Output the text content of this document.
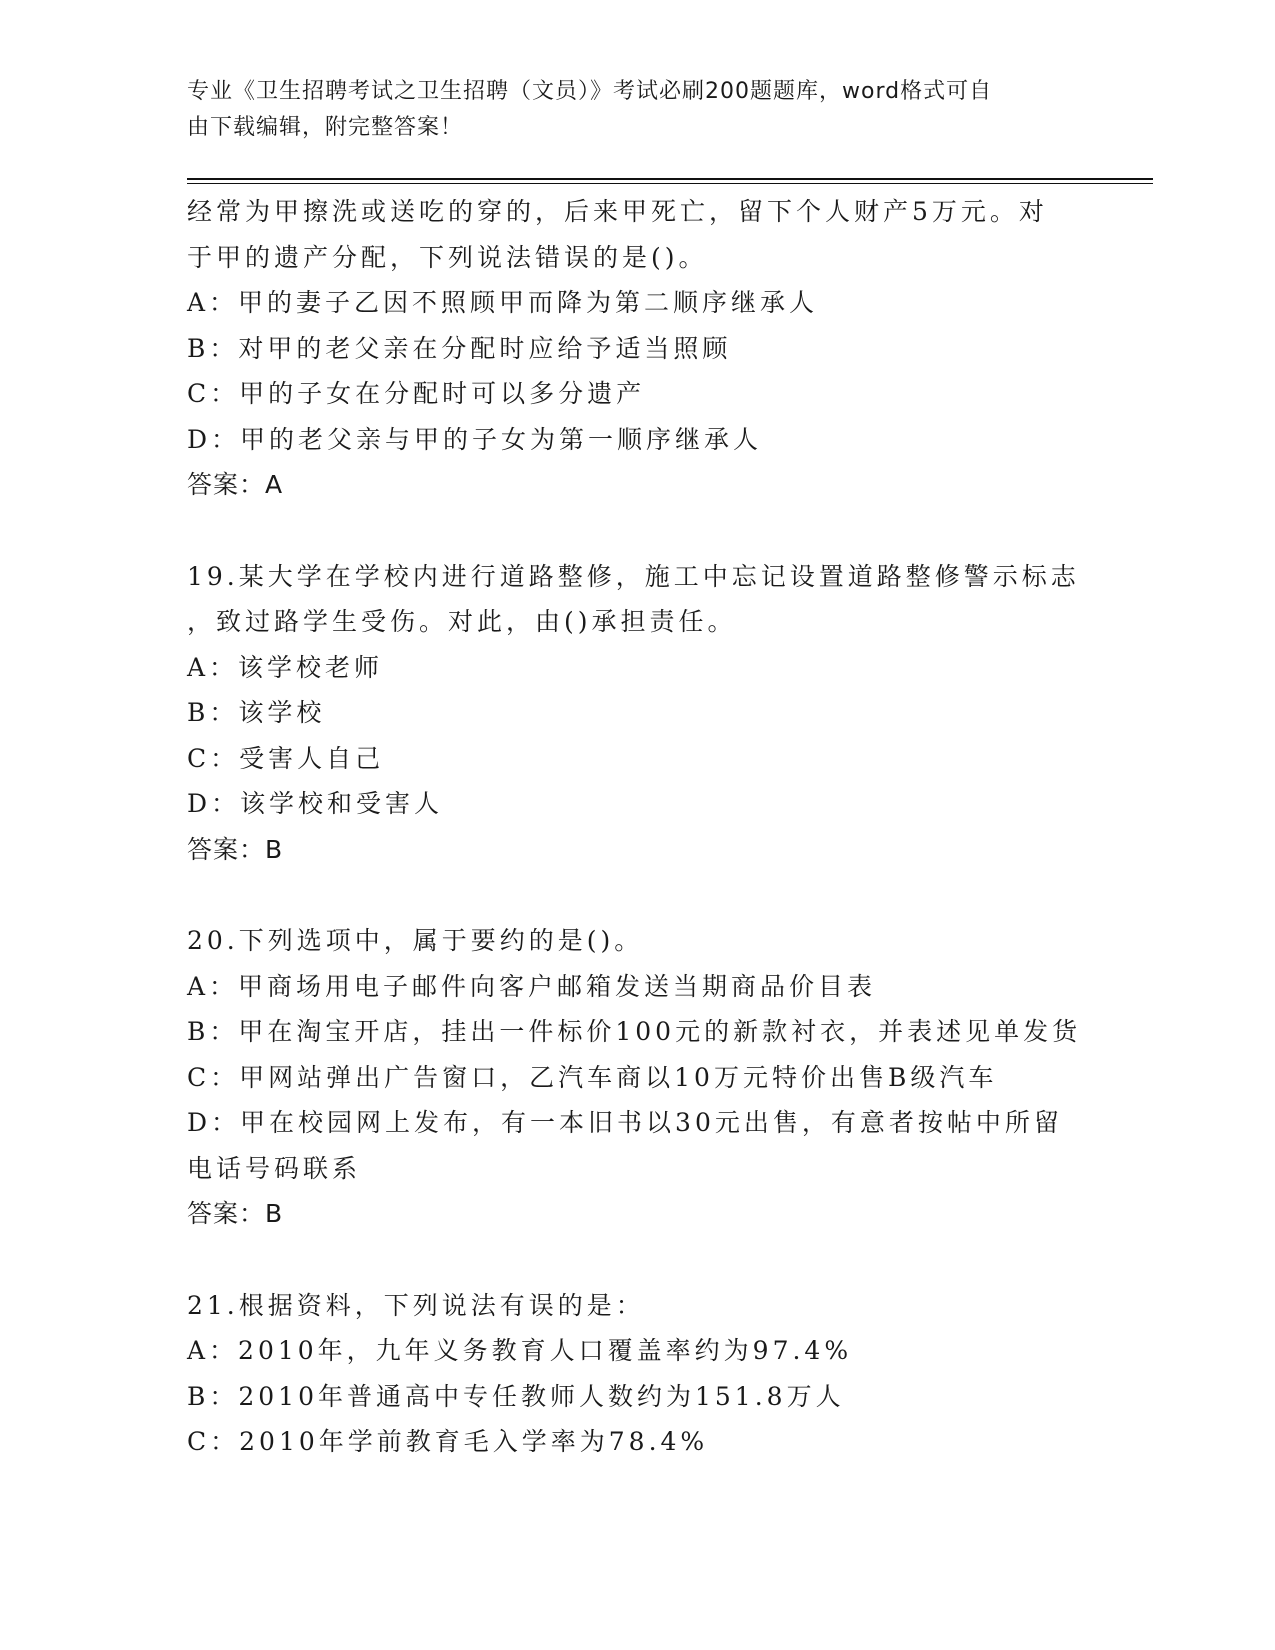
专业《卫生招聘考试之卫生招聘（文员）》考试必刷200题题库，word格式可自
由下载编辑，附完整答案！
经常为甲擦洗或送吃的穿的，后来甲死亡，留下个人财产5万元。对
于甲的遗产分配，下列说法错误的是()。
A：甲的妻子乙因不照顾甲而降为第二顺序继承人
B：对甲的老父亲在分配时应给予适当照顾
C：甲的子女在分配时可以多分遗产
D：甲的老父亲与甲的子女为第一顺序继承人
答案：A
19.某大学在学校内进行道路整修，施工中忘记设置道路整修警示标志
，致过路学生受伤。对此，由()承担责任。
A：该学校老师
B：该学校
C：受害人自己
D：该学校和受害人
答案：B
20.下列选项中，属于要约的是()。
A：甲商场用电子邮件向客户邮箱发送当期商品价目表
B：甲在淘宝开店，挂出一件标价100元的新款衬衣，并表述见单发货
C：甲网站弹出广告窗口，乙汽车商以10万元特价出售B级汽车
D：甲在校园网上发布，有一本旧书以30元出售，有意者按帖中所留
电话号码联系
答案：B
21.根据资料，下列说法有误的是：
A：2010年，九年义务教育人口覆盖率约为97.4%
B：2010年普通高中专任教师人数约为151.8万人
C：2010年学前教育毛入学率为78.4%
